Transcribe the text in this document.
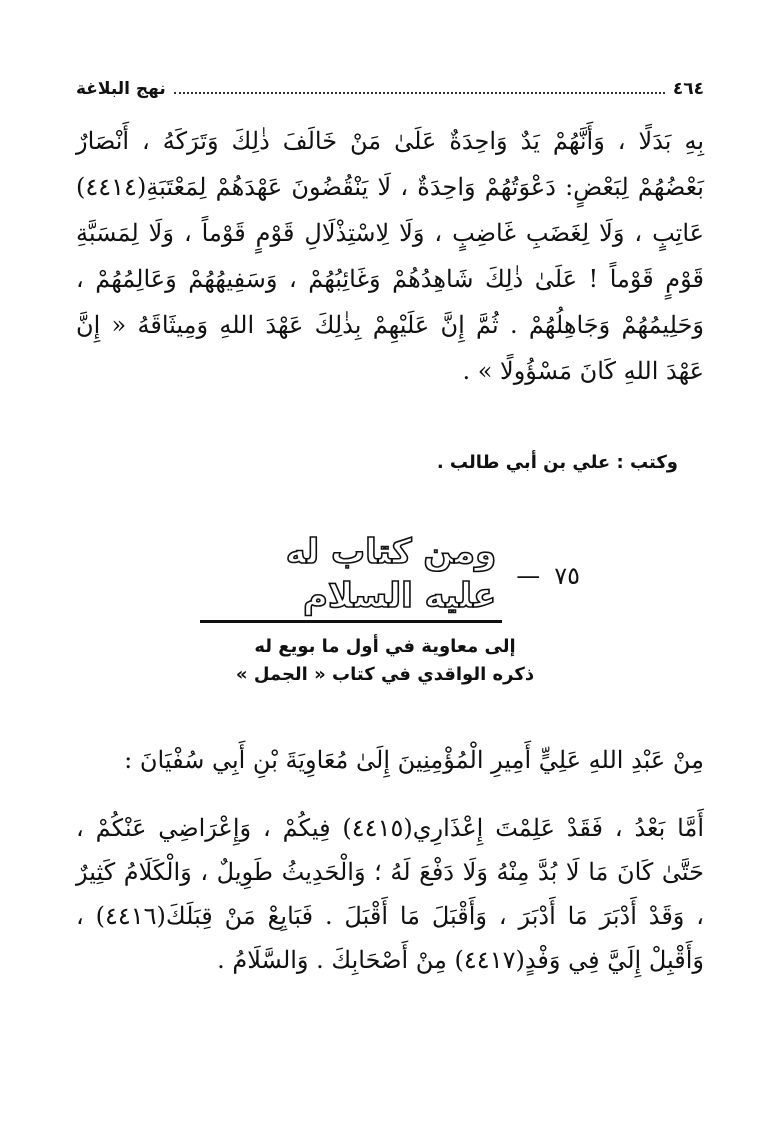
٤٦٤
نهج البلاغة
بِهِ بَدَلًا ، وَأَنَّهُمْ يَدٌ وَاحِدَةٌ عَلَىٰ مَنْ خَالَفَ ذٰلِكَ وَتَرَكَهُ ، أَنْصَارٌ بَعْضُهُمْ لِبَعْضٍ: دَعْوَتُهُمْ وَاحِدَةٌ ، لَا يَنْقُضُونَ عَهْدَهُمْ لِمَعْتَبَةِ(٤٤١٤) عَاتِبٍ ، وَلَا لِغَضَبِ غَاضِبٍ ، وَلَا لِاسْتِذْلَالِ قَوْمٍ قَوْماً ، وَلَا لِمَسَبَّةِ قَوْمٍ قَوْماً ! عَلَىٰ ذٰلِكَ شَاهِدُهُمْ وَغَائِبُهُمْ ، وَسَفِيهُهُمْ وَعَالِمُهُمْ ، وَحَلِيمُهُمْ وَجَاهِلُهُمْ . ثُمَّ إِنَّ عَلَيْهِمْ بِذٰلِكَ عَهْدَ اللهِ وَمِيثَاقَهُ « إِنَّ عَهْدَ اللهِ كَانَ مَسْؤُولًا » .
وكتب : علي بن أبي طالب .
٧٥
—
ومن كتاب له عليه السلام
إلى معاوية في أول ما بويع له
ذكره الواقدي في كتاب « الجمل »
مِنْ عَبْدِ اللهِ عَلِيٍّ أَمِيرِ الْمُؤْمِنِينَ إِلَىٰ مُعَاوِيَةَ بْنِ أَبِي سُفْيَانَ :
أَمَّا بَعْدُ ، فَقَدْ عَلِمْتَ إِعْذَارِي(٤٤١٥) فِيكُمْ ، وَإِعْرَاضِي عَنْكُمْ ، حَتَّىٰ كَانَ مَا لَا بُدَّ مِنْهُ وَلَا دَفْعَ لَهُ ؛ وَالْحَدِيثُ طَوِيلٌ ، وَالْكَلَامُ كَثِيرٌ ، وَقَدْ أَدْبَرَ مَا أَدْبَرَ ، وَأَقْبَلَ مَا أَقْبَلَ . فَبَايِعْ مَنْ قِبَلَكَ(٤٤١٦) ، وَأَقْبِلْ إِلَيَّ فِي وَفْدٍ(٤٤١٧) مِنْ أَصْحَابِكَ . وَالسَّلَامُ .
